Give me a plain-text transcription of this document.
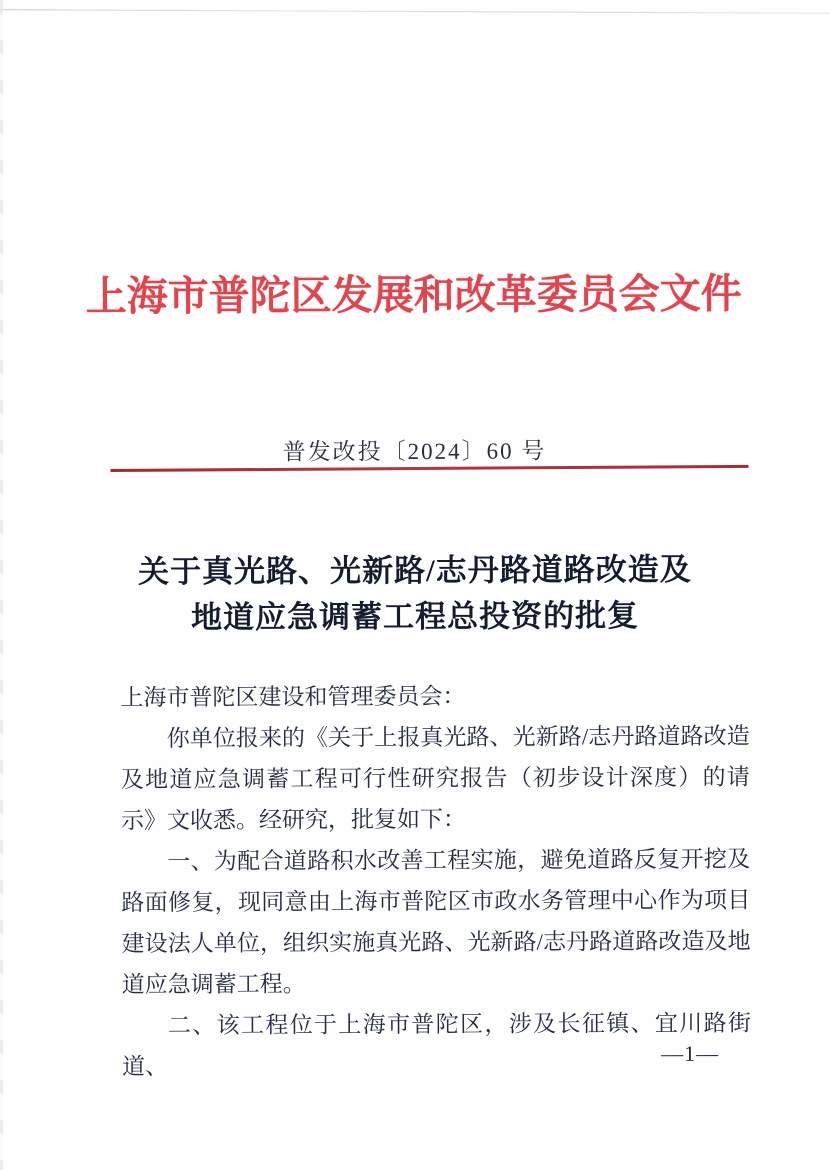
上海市普陀区发展和改革委员会文件
普发改投〔2024〕60 号
关于真光路、光新路/志丹路道路改造及
地道应急调蓄工程总投资的批复

上海市普陀区建设和管理委员会：

你单位报来的《关于上报真光路、光新路/志丹路道路改造及地道应急调蓄工程可行性研究报告（初步设计深度）的请示》文收悉。经研究，批复如下：

一、为配合道路积水改善工程实施，避免道路反复开挖及路面修复，现同意由上海市普陀区市政水务管理中心作为项目建设法人单位，组织实施真光路、光新路/志丹路道路改造及地道应急调蓄工程。

二、该工程位于上海市普陀区，涉及长征镇、宜川路街道、

—1—
